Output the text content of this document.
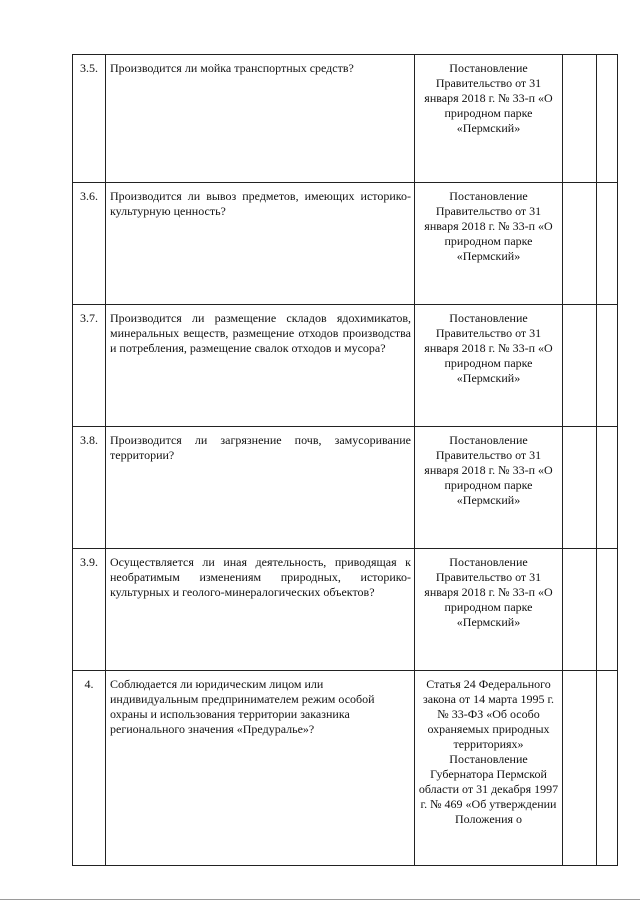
3.5.	Производится ли мойка транспортных средств?	Постановление Правительство от 31 января 2018 г. № 33-п «О природном парке «Пермский»		
3.6.	Производится ли вывоз предметов, имеющих историко-культурную ценность?	Постановление Правительство от 31 января 2018 г. № 33-п «О природном парке «Пермский»		
3.7.	Производится ли размещение складов ядохимикатов, минеральных веществ, размещение отходов производства и потребления, размещение свалок отходов и мусора?	Постановление Правительство от 31 января 2018 г. № 33-п «О природном парке «Пермский»		
3.8.	Производится ли загрязнение почв, замусоривание территории?	Постановление Правительство от 31 января 2018 г. № 33-п «О природном парке «Пермский»		
3.9.	Осуществляется ли иная деятельность, приводящая к необратимым изменениям природных, историко-культурных и геолого-минералогических объектов?	Постановление Правительство от 31 января 2018 г. № 33-п «О природном парке «Пермский»		
4.	Соблюдается ли юридическим лицом или индивидуальным предпринимателем режим особой охраны и использования территории заказника регионального значения «Предуралье»?	Статья 24 Федерального закона от 14 марта 1995 г. № 33-ФЗ «Об особо охраняемых природных территориях» Постановление Губернатора Пермской области от 31 декабря 1997 г. № 469 «Об утверждении Положения о		
